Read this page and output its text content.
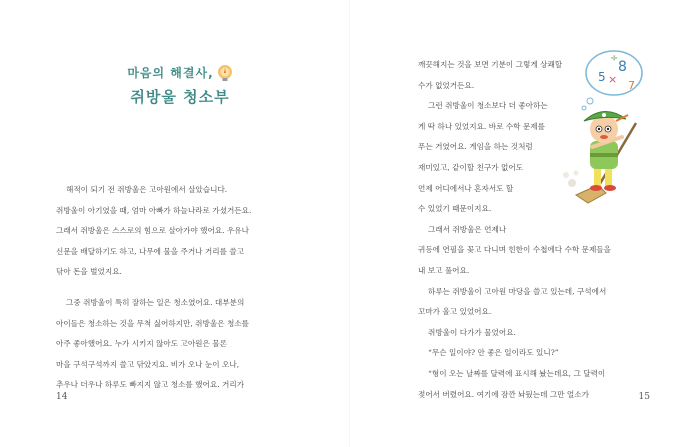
마음의 해결사,
쥐방울 청소부

해적이 되기 전 쥐방울은 고아원에서 살았습니다.

쥐방울이 아기였을 때, 엄마 아빠가 하늘나라로 가셨거든요.

그래서 쥐방울은 스스로의 힘으로 살아가야 했어요. 우유나

신문을 배달하기도 하고, 나무에 물을 주거나 거리를 쓸고

닦아 돈을 벌었지요.

그중 쥐방울이 특히 잘하는 일은 청소였어요. 대부분의

아이들은 청소하는 것을 무척 싫어하지만, 쥐방울은 청소를

아주 좋아했어요. 누가 시키지 않아도 고아원은 물론

마을 구석구석까지 쓸고 닦았지요. 비가 오나 눈이 오나,

추우나 더우나 하루도 빠지지 않고 청소를 했어요. 거리가

14

깨끗해지는 것을 보면 기분이 그렇게 상쾌할

수가 없었거든요.

그런 쥐방울이 청소보다 더 좋아하는

게 딱 하나 있었지요. 바로 수학 문제를

푸는 거였어요. 게임을 하는 것처럼

재미있고, 같이할 친구가 없어도

언제 어디에서나 혼자서도 할

수 있었기 때문이지요.

그래서 쥐방울은 언제나

귀등에 연필을 꽂고 다니며 힌한이 수첩에다 수학 문제들을

내 보고 풀어요.

하루는 쥐방울이 고아원 마당을 쓸고 있는데, 구석에서

꼬마가 울고 있었어요.

쥐방울이 다가가 물었어요.

“무슨 일이야? 안 좋은 일이라도 있니?”

“형이 오는 날짜를 달력에 표시해 놨는데요, 그 달력이

젖어서 버렸어요. 여기에 잠깐 놔뒀는데 그만 얼소가

5 ×
8
÷
7
15
